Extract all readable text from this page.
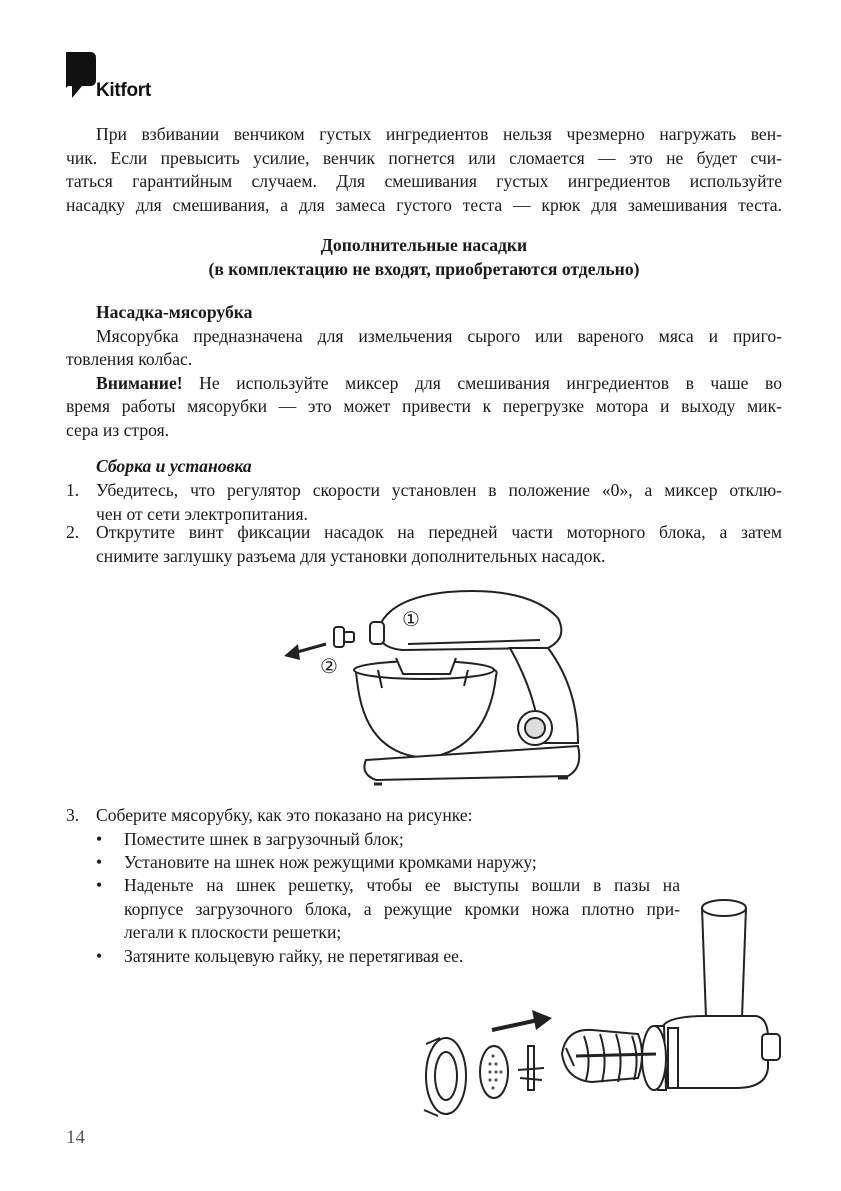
Kitfort
При взбивании венчиком густых ингредиентов нельзя чрезмерно нагружать вен-
чик. Если превысить усилие, венчик погнется или сломается — это не будет счи-
таться гарантийным случаем. Для смешивания густых ингредиентов используйте
насадку для смешивания, а для замеса густого теста — крюк для замешивания теста.
Дополнительные насадки
(в комплектацию не входят, приобретаются отдельно)
Насадка-мясорубка
Мясорубка предназначена для измельчения сырого или вареного мяса и приго-
товления колбас.
Внимание! Не используйте миксер для смешивания ингредиентов в чаше во
время работы мясорубки — это может привести к перегрузке мотора и выходу мик-
сера из строя.
Сборка и установка
1. Убедитесь, что регулятор скорости установлен в положение «0», а миксер отклю-
чен от сети электропитания.
2. Открутите винт фиксации насадок на передней части моторного блока, а затем
снимите заглушку разъема для установки дополнительных насадок.
①
②
3. Соберите мясорубку, как это показано на рисунке:
• Поместите шнек в загрузочный блок;
• Установите на шнек нож режущими кромками наружу;
• Наденьте на шнек решетку, чтобы ее выступы вошли в пазы на
корпусе загрузочного блока, а режущие кромки ножа плотно при-
легали к плоскости решетки;
• Затяните кольцевую гайку, не перетягивая ее.
14
